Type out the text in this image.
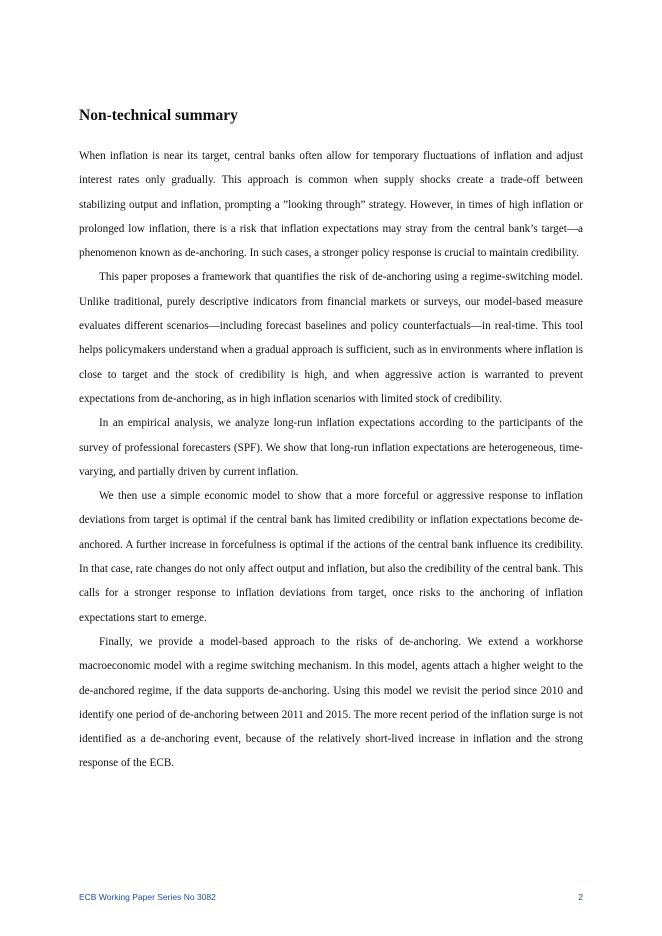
Non-technical summary

When inflation is near its target, central banks often allow for temporary fluctuations of inflation and adjust interest rates only gradually. This approach is common when supply shocks create a trade-off between stabilizing output and inflation, prompting a ”looking through” strategy. However, in times of high inflation or prolonged low inflation, there is a risk that inflation expectations may stray from the central bank’s target—a phenomenon known as de-anchoring. In such cases, a stronger policy response is crucial to maintain credibility.

This paper proposes a framework that quantifies the risk of de-anchoring using a regime-switching model. Unlike traditional, purely descriptive indicators from financial markets or surveys, our model-based measure evaluates different scenarios—including forecast baselines and policy counterfactuals—in real-time. This tool helps policymakers understand when a gradual approach is sufficient, such as in environments where inflation is close to target and the stock of credibility is high, and when aggressive action is warranted to prevent expectations from de-anchoring, as in high inflation scenarios with limited stock of credibility.

In an empirical analysis, we analyze long-run inflation expectations according to the participants of the survey of professional forecasters (SPF). We show that long-run inflation expectations are heterogeneous, time-varying, and partially driven by current inflation.

We then use a simple economic model to show that a more forceful or aggressive response to inflation deviations from target is optimal if the central bank has limited credibility or inflation expectations become de-anchored. A further increase in forcefulness is optimal if the actions of the central bank influence its credibility. In that case, rate changes do not only affect output and inflation, but also the credibility of the central bank. This calls for a stronger response to inflation deviations from target, once risks to the anchoring of inflation expectations start to emerge.

Finally, we provide a model-based approach to the risks of de-anchoring. We extend a workhorse macroeconomic model with a regime switching mechanism. In this model, agents attach a higher weight to the de-anchored regime, if the data supports de-anchoring. Using this model we revisit the period since 2010 and identify one period of de-anchoring between 2011 and 2015. The more recent period of the inflation surge is not identified as a de-anchoring event, because of the relatively short-lived increase in inflation and the strong response of the ECB.

ECB Working Paper Series No 3082	2
